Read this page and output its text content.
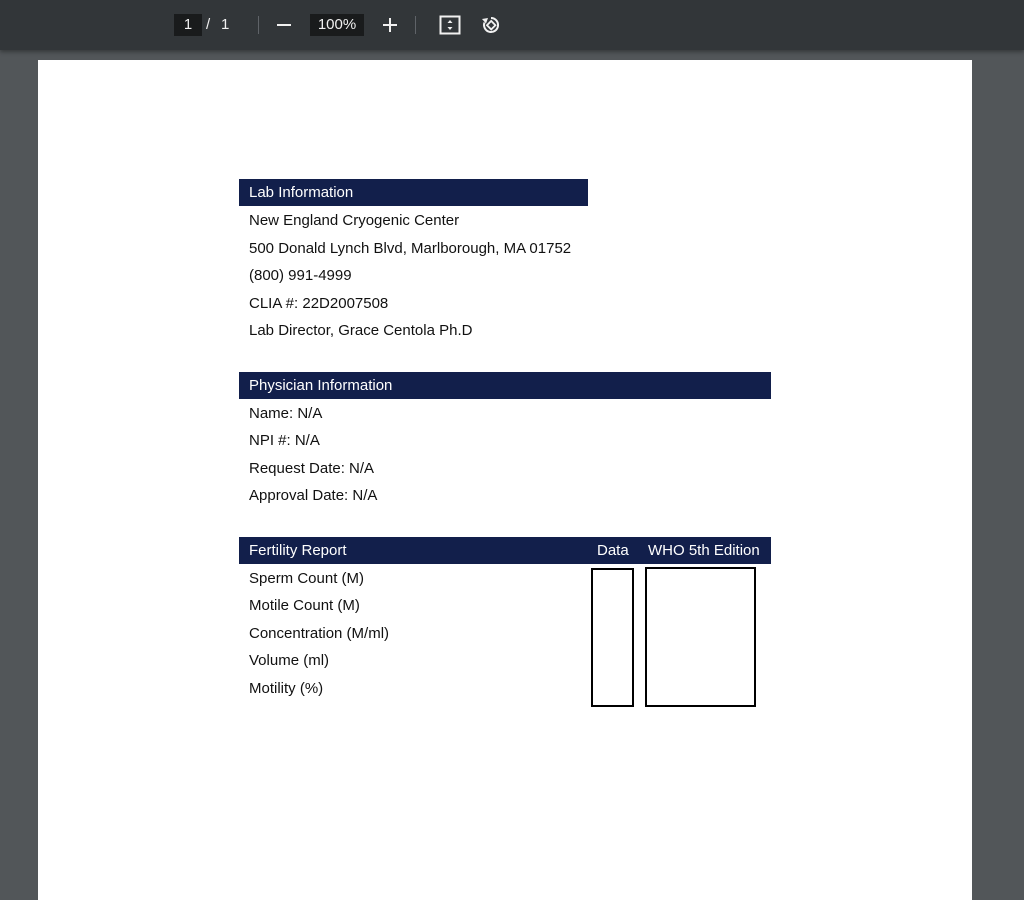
1
/ 1
100%
Lab Information
New England Cryogenic Center
500 Donald Lynch Blvd, Marlborough, MA 01752
(800) 991-4999
CLIA #: 22D2007508
Lab Director, Grace Centola Ph.D
Physician Information
Name: N/A
NPI #: N/A
Request Date: N/A
Approval Date: N/A
Fertility Report	Data WHO 5th Edition
Sperm Count (M)
Motile Count (M)
Concentration (M/ml)
Volume (ml)
Motility (%)
